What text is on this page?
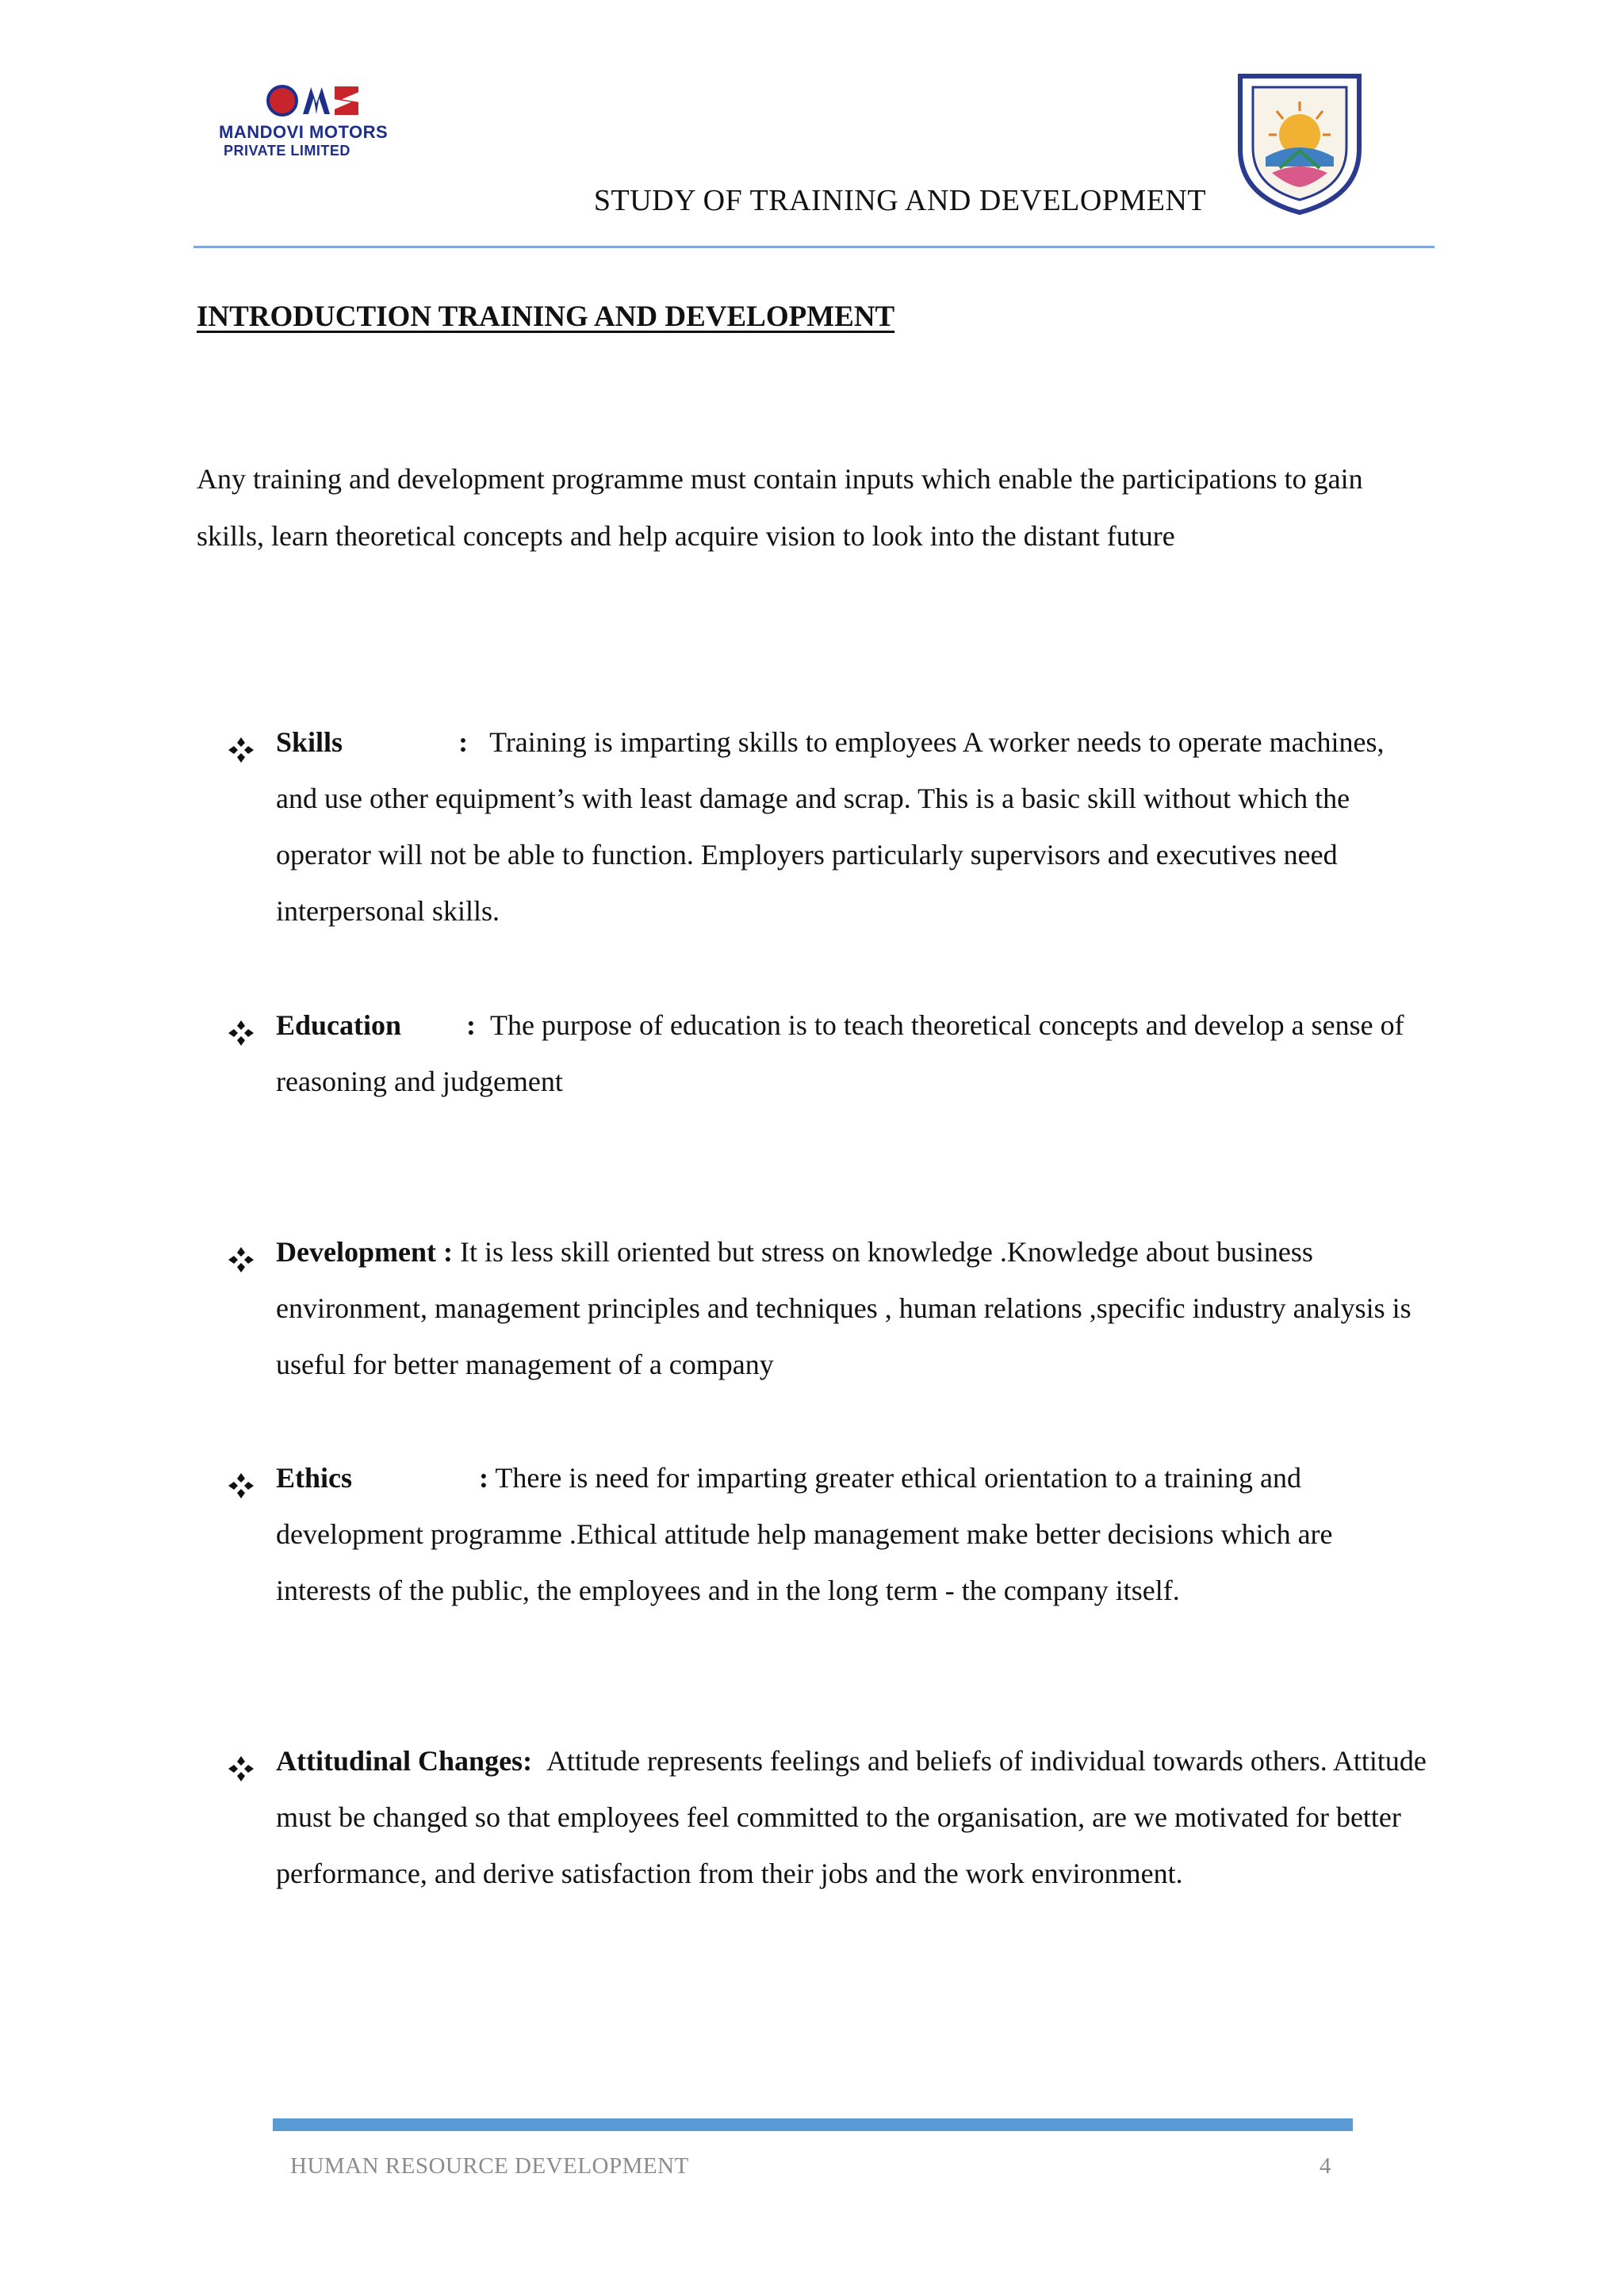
MANDOVI MOTORS
PRIVATE LIMITED
STUDY OF TRAINING AND DEVELOPMENT
INTRODUCTION TRAINING AND DEVELOPMENT
Any training and development programme must contain inputs which enable the participations to gain skills, learn theoretical concepts and help acquire vision to look into the distant future
Skills	: Training is imparting skills to employees A worker needs to operate machines, and use other equipment’s with least damage and scrap. This is a basic skill without which the operator will not be able to function. Employers particularly supervisors and executives need interpersonal skills.
Education : The purpose of education is to teach theoretical concepts and develop a sense of reasoning and judgement
Development : It is less skill oriented but stress on knowledge .Knowledge about business environment, management principles and techniques , human relations ,specific industry analysis is useful for better management of a company
Ethics	: There is need for imparting greater ethical orientation to a training and development programme .Ethical attitude help management make better decisions which are interests of the public, the employees and in the long term - the company itself.
Attitudinal Changes: Attitude represents feelings and beliefs of individual towards others. Attitude must be changed so that employees feel committed to the organisation, are we motivated for better performance, and derive satisfaction from their jobs and the work environment.
HUMAN RESOURCE DEVELOPMENT	4
